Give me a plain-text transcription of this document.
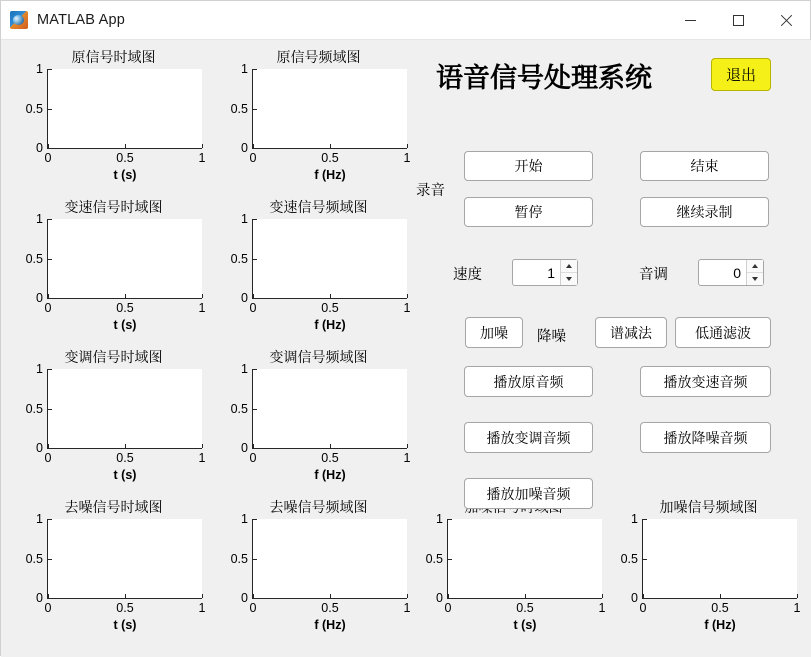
MATLAB App
原信号时域图
1
0.5
0
0	0.5	1
t (s)
原信号频域图
1
0.5
0
0	0.5	1
f (Hz)
变速信号时域图
1
0.5
0
0	0.5	1
t (s)
变速信号频域图
1
0.5
0
0	0.5	1
f (Hz)
变调信号时域图
1
0.5
0
0	0.5	1
t (s)
变调信号频域图
1
0.5
0
0	0.5	1
f (Hz)
去噪信号时域图
1
0.5
0
0	0.5	1
t (s)
去噪信号频域图
1
0.5
0
0	0.5	1
f (Hz)
1
0.5
0
0	0.5	1
t (s)
加噪信号频域图
1
0.5
0
0	0.5	1
f (Hz)
语音信号处理系统	退出
录音
开始	结束
暂停	继续录制
速度	1	音调	0
加噪	降噪	谱减法	低通滤波
播放原音频	播放变速音频
播放变调音频	播放降噪音频
播放加噪音频
